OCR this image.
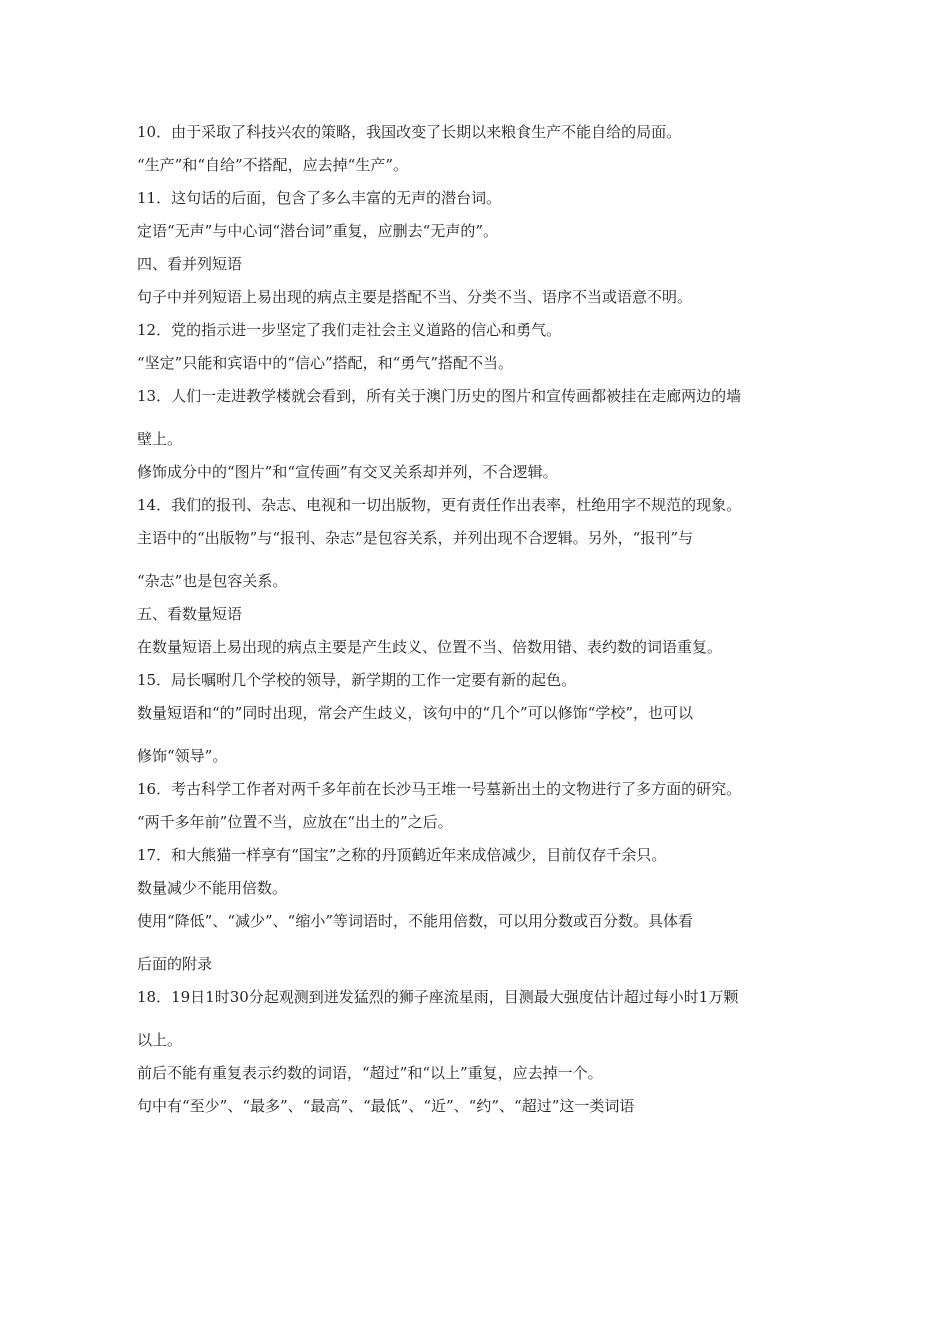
10．由于采取了科技兴农的策略，我国改变了长期以来粮食生产不能自给的局面。

“生产”和“自给”不搭配，应去掉“生产”。

11．这句话的后面，包含了多么丰富的无声的潜台词。

定语“无声”与中心词“潜台词”重复，应删去“无声的”。

四、看并列短语

句子中并列短语上易出现的病点主要是搭配不当、分类不当、语序不当或语意不明。

12．党的指示进一步坚定了我们走社会主义道路的信心和勇气。

“坚定”只能和宾语中的“信心”搭配，和“勇气”搭配不当。

13．人们一走进教学楼就会看到，所有关于澳门历史的图片和宣传画都被挂在走廊两边的墙

壁上。

修饰成分中的“图片”和“宣传画”有交叉关系却并列，不合逻辑。

14．我们的报刊、杂志、电视和一切出版物，更有责任作出表率，杜绝用字不规范的现象。

主语中的“出版物”与“报刊、杂志”是包容关系，并列出现不合逻辑。另外，“报刊”与

“杂志”也是包容关系。

五、看数量短语

在数量短语上易出现的病点主要是产生歧义、位置不当、倍数用错、表约数的词语重复。

15．局长嘱咐几个学校的领导，新学期的工作一定要有新的起色。

数量短语和“的”同时出现，常会产生歧义，该句中的“几个”可以修饰“学校”，也可以

修饰“领导”。

16．考古科学工作者对两千多年前在长沙马王堆一号墓新出土的文物进行了多方面的研究。

“两千多年前”位置不当，应放在“出土的”之后。

17．和大熊猫一样享有“国宝”之称的丹顶鹤近年来成倍减少，目前仅存千余只。

数量减少不能用倍数。

使用“降低”、“减少”、“缩小”等词语时，不能用倍数，可以用分数或百分数。具体看

后面的附录

18．19日1时30分起观测到迸发猛烈的狮子座流星雨，目测最大强度估计超过每小时1万颗

以上。

前后不能有重复表示约数的词语，“超过”和“以上”重复，应去掉一个。

句中有“至少”、“最多”、“最高”、“最低”、“近”、“约”、“超过”这一类词语
